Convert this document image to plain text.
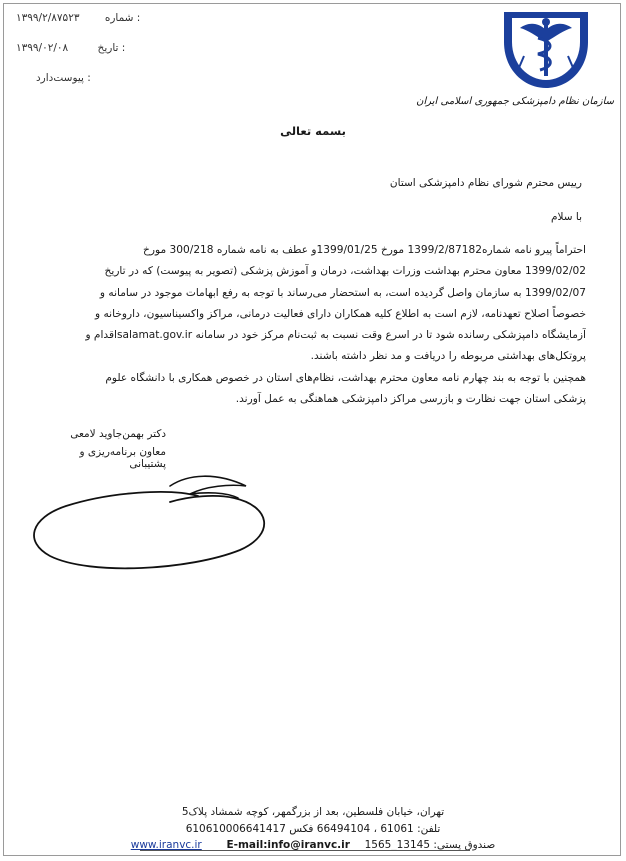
۱۳۹۹/۲/۸۷۵۲۳ شماره :
۱۳۹۹/۰۲/۰۸	تاریخ :
پیوست‌دارد :
سازمان نظام دامپزشکی جمهوری اسلامی ایران
بسمه تعالی
رییس محترم شورای نظام دامپزشکی استان
با سلام
احتراماً پیرو نامه شماره1399/2/87182 مورخ 1399/01/25و عطف به نامه شماره 300/218 مورخ
1399/02/02 معاون محترم بهداشت وزرات بهداشت، درمان و آموزش پزشکی (تصویر به پیوست) که در تاریخ
1399/02/07 به سازمان واصل گردیده است، به استحضار می‌رساند با توجه به رفع ابهامات موجود در سامانه و
خصوصاً اصلاح تعهدنامه، لازم است به اطلاع کلیه همکاران دارای فعالیت درمانی، مراکز واکسیناسیون، داروخانه و
آزمایشگاه دامپزشکی رسانده شود تا در اسرع وقت نسبت به ثبت‌نام مرکز خود در سامانه salamat.gov.irاقدام و
پروتکل‌های بهداشتی مربوطه را دریافت و مد نظر داشته باشند.
همچنین با توجه به بند چهارم نامه معاون محترم بهداشت، نظام‌های استان در خصوص همکاری با دانشگاه علوم
پزشکی استان جهت نظارت و بازرسی مراکز دامپزشکی هماهنگی به عمل آورند.
دکتر بهمن‌جاوید لامعی
معاون برنامه‌ریزی و پشتیبانی
تهران، خیابان فلسطین، بعد از بزرگمهر، کوچه شمشاد پلاک5
تلفن: 61061 ، 66494104 فکس 610610006641417
www.iranvc.ir E-mail:info@iranvc.ir صندوق پستی: 13145_1565
